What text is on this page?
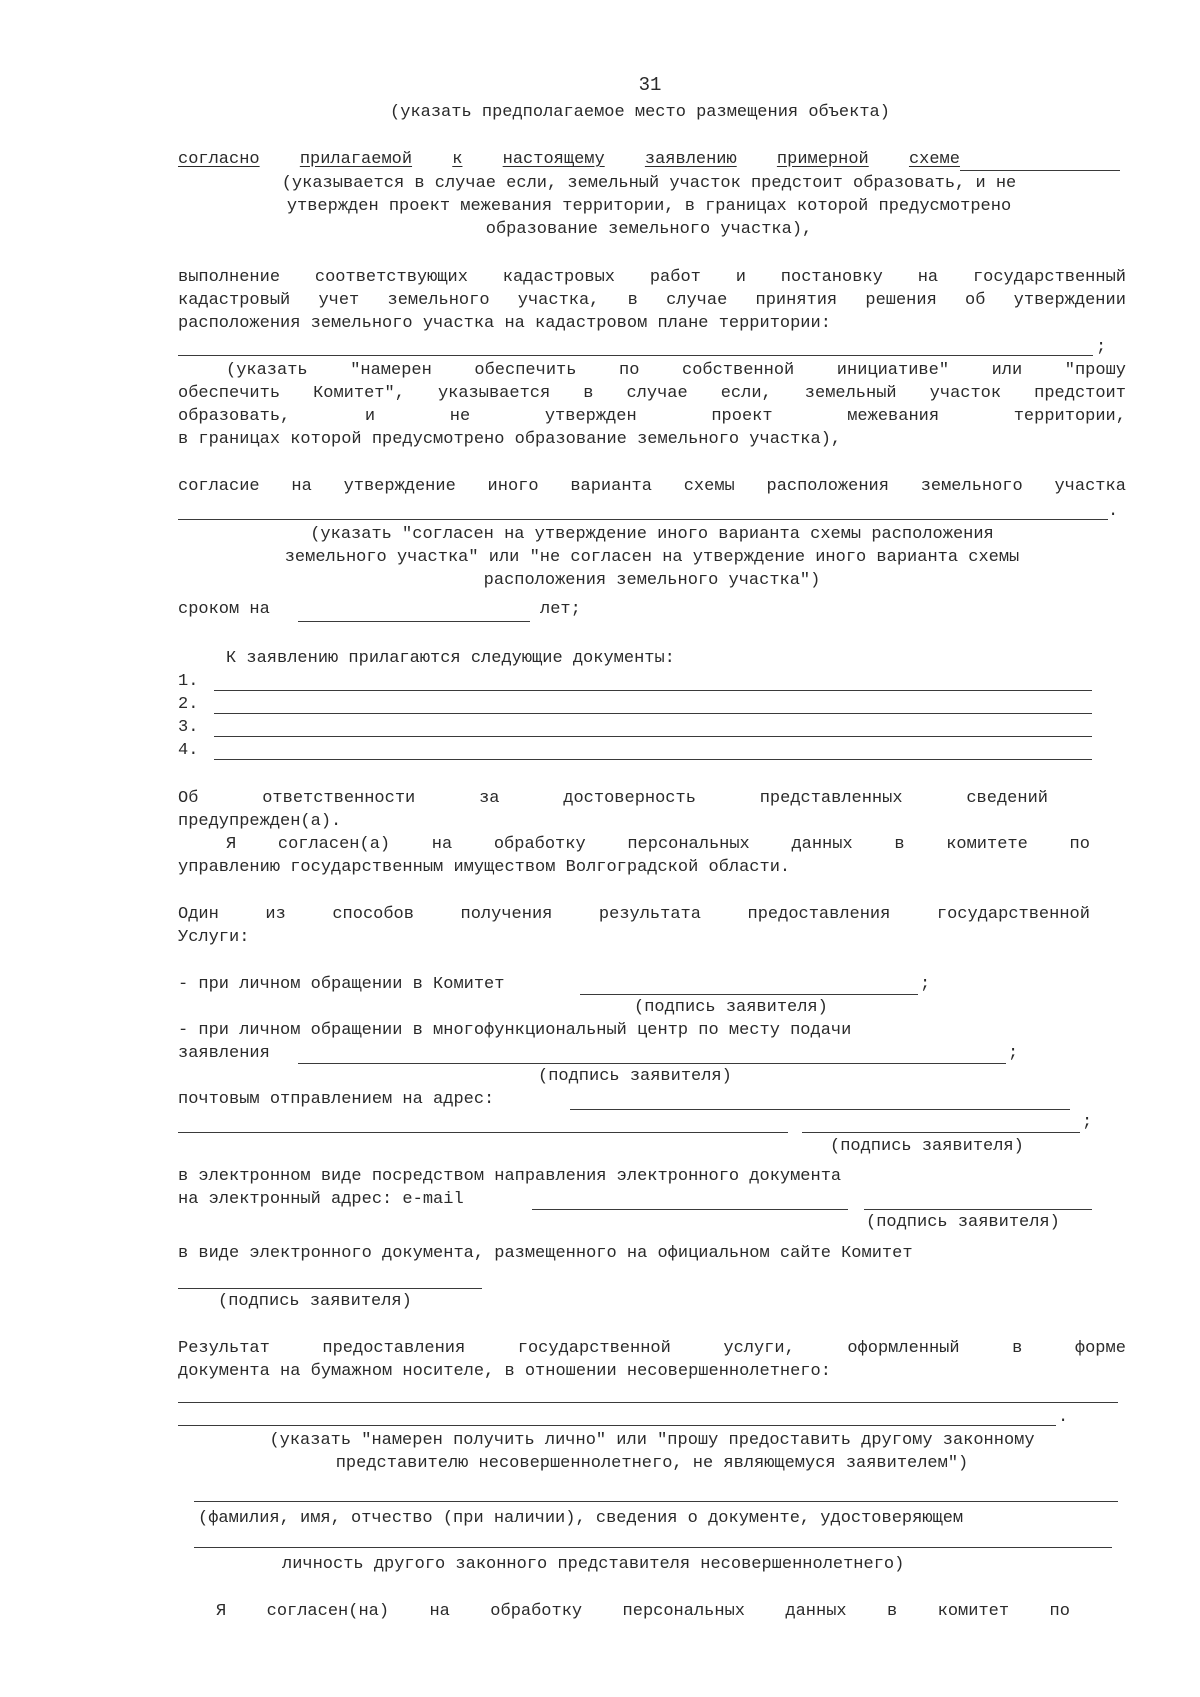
31
(указать предполагаемое место размещения объекта)
согласно прилагаемой к настоящему заявлению примерной схеме
(указывается в случае если, земельный участок предстоит образовать, и не
утвержден проект межевания территории, в границах которой предусмотрено
образование земельного участка),
выполнение соответствующих кадастровых работ и постановку на государственный
кадастровый учет земельного участка, в случае принятия решения об утверждении
расположения земельного участка на кадастровом плане территории:
;
(указать	"намерен	обеспечить	по	собственной	инициативе"	или	"прошу
обеспечить Комитет", указывается в случае если, земельный участок предстоит
образовать,	и	не	утвержден	проект	межевания	территории,
в границах которой предусмотрено образование земельного участка),
согласие на утверждение иного варианта схемы расположения земельного участка
.
(указать "согласен на утверждение иного варианта схемы расположения
земельного участка" или "не согласен на утверждение иного варианта схемы
расположения земельного участка")
сроком на	лет;
К заявлению прилагаются следующие документы:
1.
2.
3.
4.
Об	ответственности	за	достоверность	представленных	сведений
предупрежден(а).
Я согласен(а) на обработку персональных данных в комитете по
управлению государственным имуществом Волгоградской области.
Один	из	способов	получения	результата	предоставления	государственной
Услуги:
- при личном обращении в Комитет	;
(подпись заявителя)
- при личном обращении в многофункциональный центр по месту подачи
заявления	;
(подпись заявителя)
почтовым отправлением на адрес:
;
(подпись заявителя)
в электронном виде посредством направления электронного документа
на электронный адрес: e-mail
(подпись заявителя)
в виде электронного документа, размещенного на официальном сайте Комитет
(подпись заявителя)
Результат	предоставления	государственной	услуги,	оформленный	в	форме
документа на бумажном носителе, в отношении несовершеннолетнего:
.
(указать "намерен получить лично" или "прошу предоставить другому законному
представителю несовершеннолетнего, не являющемуся заявителем")
(фамилия, имя, отчество (при наличии), сведения о документе, удостоверяющем
личность другого законного представителя несовершеннолетнего)
Я согласен(на) на обработку персональных данных в комитет по
